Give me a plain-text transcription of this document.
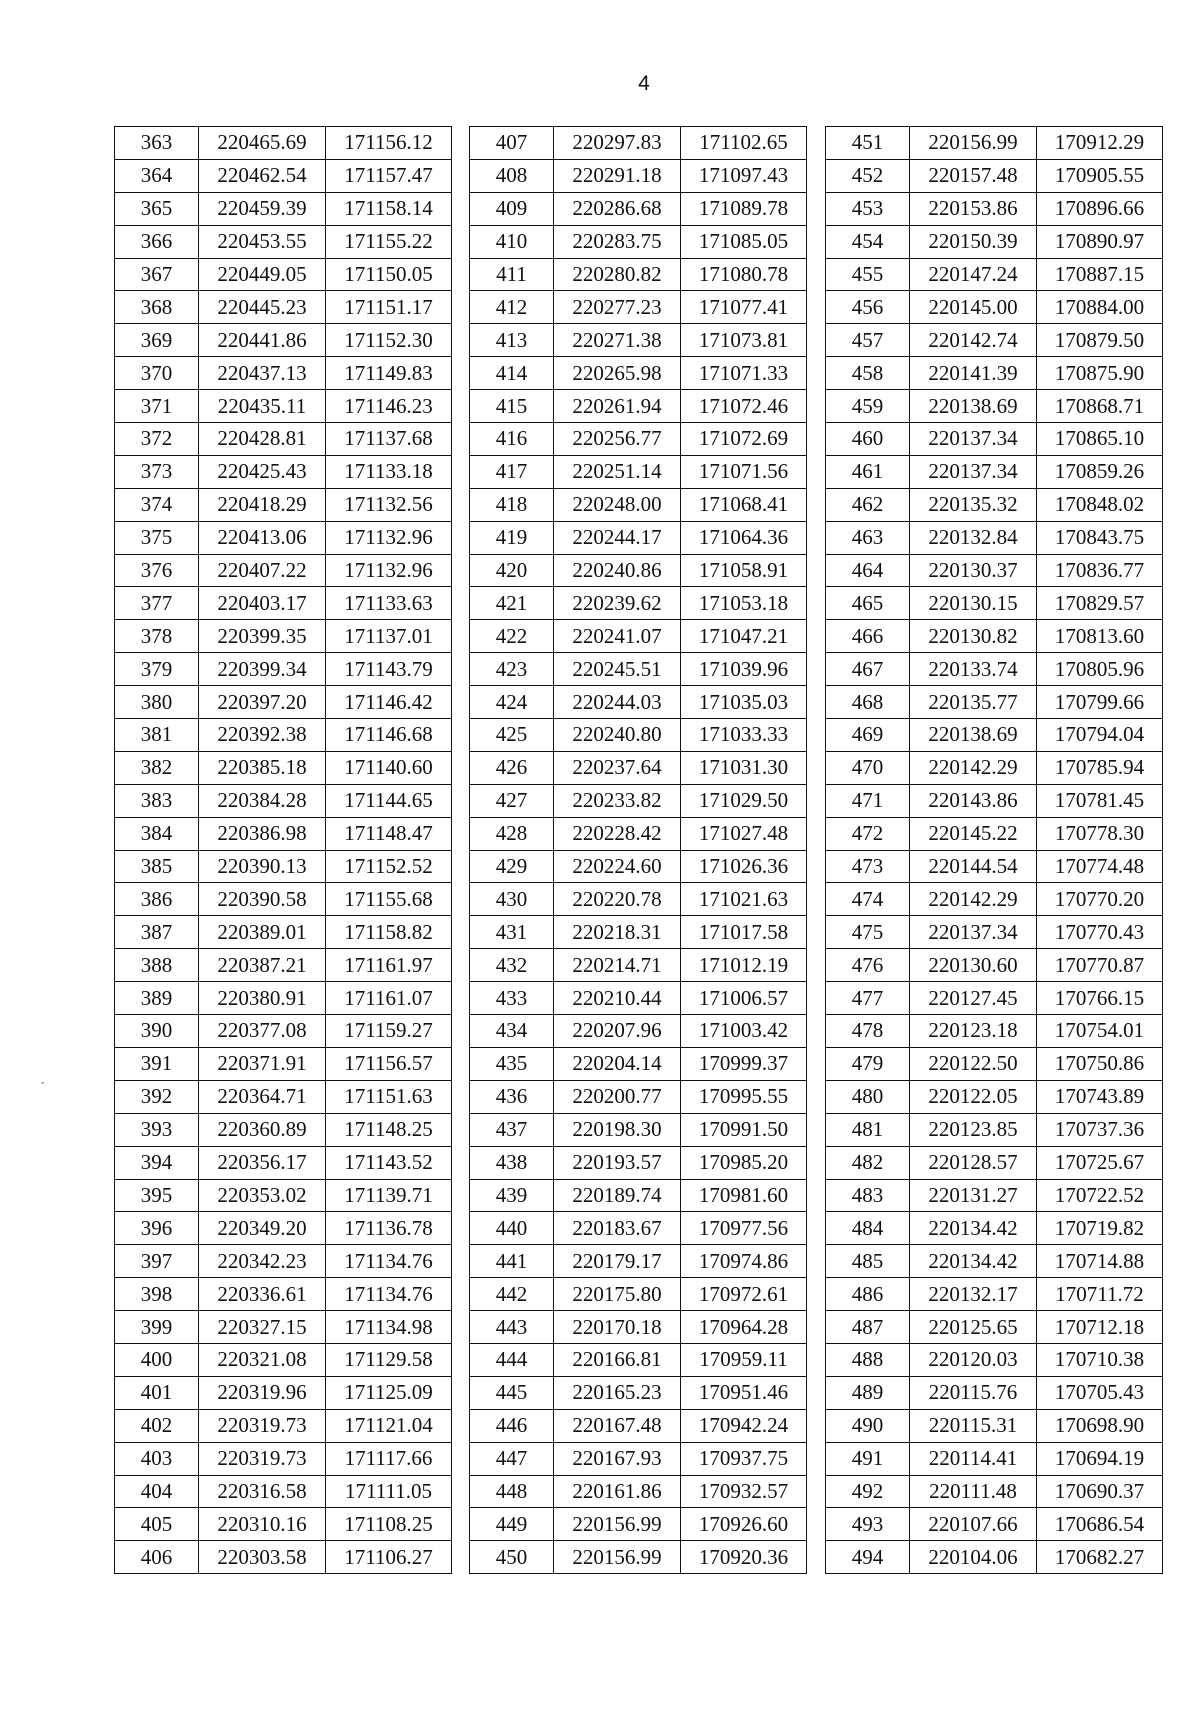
4
363	220465.69	171156.12
364	220462.54	171157.47
365	220459.39	171158.14
366	220453.55	171155.22
367	220449.05	171150.05
368	220445.23	171151.17
369	220441.86	171152.30
370	220437.13	171149.83
371	220435.11	171146.23
372	220428.81	171137.68
373	220425.43	171133.18
374	220418.29	171132.56
375	220413.06	171132.96
376	220407.22	171132.96
377	220403.17	171133.63
378	220399.35	171137.01
379	220399.34	171143.79
380	220397.20	171146.42
381	220392.38	171146.68
382	220385.18	171140.60
383	220384.28	171144.65
384	220386.98	171148.47
385	220390.13	171152.52
386	220390.58	171155.68
387	220389.01	171158.82
388	220387.21	171161.97
389	220380.91	171161.07
390	220377.08	171159.27
391	220371.91	171156.57
392	220364.71	171151.63
393	220360.89	171148.25
394	220356.17	171143.52
395	220353.02	171139.71
396	220349.20	171136.78
397	220342.23	171134.76
398	220336.61	171134.76
399	220327.15	171134.98
400	220321.08	171129.58
401	220319.96	171125.09
402	220319.73	171121.04
403	220319.73	171117.66
404	220316.58	171111.05
405	220310.16	171108.25
406	220303.58	171106.27
407	220297.83	171102.65
408	220291.18	171097.43
409	220286.68	171089.78
410	220283.75	171085.05
411	220280.82	171080.78
412	220277.23	171077.41
413	220271.38	171073.81
414	220265.98	171071.33
415	220261.94	171072.46
416	220256.77	171072.69
417	220251.14	171071.56
418	220248.00	171068.41
419	220244.17	171064.36
420	220240.86	171058.91
421	220239.62	171053.18
422	220241.07	171047.21
423	220245.51	171039.96
424	220244.03	171035.03
425	220240.80	171033.33
426	220237.64	171031.30
427	220233.82	171029.50
428	220228.42	171027.48
429	220224.60	171026.36
430	220220.78	171021.63
431	220218.31	171017.58
432	220214.71	171012.19
433	220210.44	171006.57
434	220207.96	171003.42
435	220204.14	170999.37
436	220200.77	170995.55
437	220198.30	170991.50
438	220193.57	170985.20
439	220189.74	170981.60
440	220183.67	170977.56
441	220179.17	170974.86
442	220175.80	170972.61
443	220170.18	170964.28
444	220166.81	170959.11
445	220165.23	170951.46
446	220167.48	170942.24
447	220167.93	170937.75
448	220161.86	170932.57
449	220156.99	170926.60
450	220156.99	170920.36
451	220156.99	170912.29
452	220157.48	170905.55
453	220153.86	170896.66
454	220150.39	170890.97
455	220147.24	170887.15
456	220145.00	170884.00
457	220142.74	170879.50
458	220141.39	170875.90
459	220138.69	170868.71
460	220137.34	170865.10
461	220137.34	170859.26
462	220135.32	170848.02
463	220132.84	170843.75
464	220130.37	170836.77
465	220130.15	170829.57
466	220130.82	170813.60
467	220133.74	170805.96
468	220135.77	170799.66
469	220138.69	170794.04
470	220142.29	170785.94
471	220143.86	170781.45
472	220145.22	170778.30
473	220144.54	170774.48
474	220142.29	170770.20
475	220137.34	170770.43
476	220130.60	170770.87
477	220127.45	170766.15
478	220123.18	170754.01
479	220122.50	170750.86
480	220122.05	170743.89
481	220123.85	170737.36
482	220128.57	170725.67
483	220131.27	170722.52
484	220134.42	170719.82
485	220134.42	170714.88
486	220132.17	170711.72
487	220125.65	170712.18
488	220120.03	170710.38
489	220115.76	170705.43
490	220115.31	170698.90
491	220114.41	170694.19
492	220111.48	170690.37
493	220107.66	170686.54
494	220104.06	170682.27
ˏ
